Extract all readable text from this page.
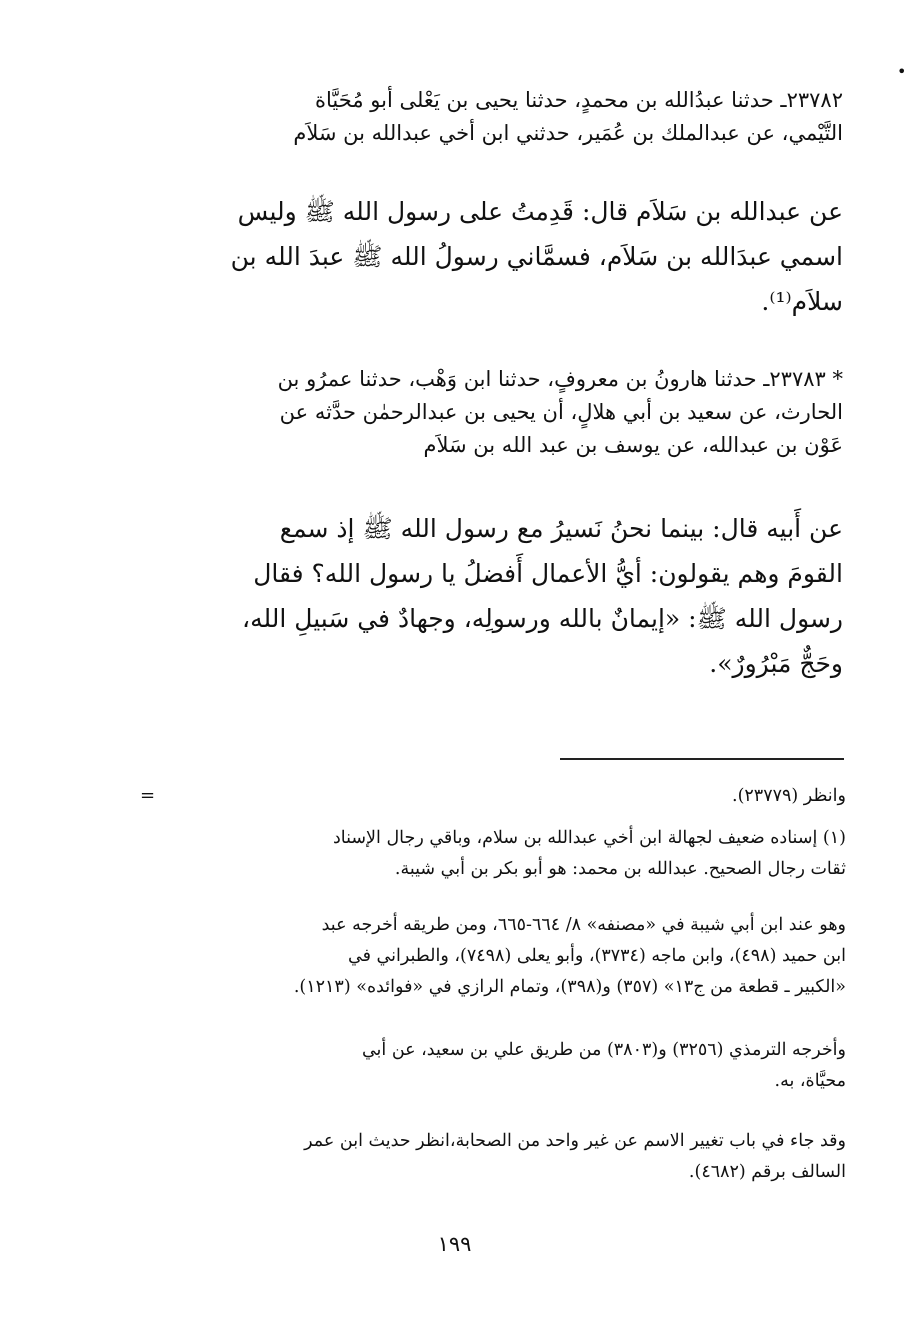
•
٢٣٧٨٢ـ حدثنا عبدُالله بن محمدٍ، حدثنا يحيى بن يَعْلى أبو مُحَيَّاة
التَّيْمي، عن عبدالملك بن عُمَير، حدثني ابن أخي عبدالله بن سَلاَم
عن عبدالله بن سَلاَم قال: قَدِمتُ على رسول الله ﷺ وليس
اسمي عبدَالله بن سَلاَم، فسمَّاني رسولُ الله ﷺ عبدَ الله بن
سلاَم⁽¹⁾.
* ٢٣٧٨٣ـ حدثنا هارونُ بن معروفٍ، حدثنا ابن وَهْب، حدثنا عمرُو بن
الحارث، عن سعيد بن أبي هلالٍ، أن يحيى بن عبدالرحمٰن حدَّثه عن
عَوْن بن عبدالله، عن يوسف بن عبد الله بن سَلاَم
عن أَبيه قال: بينما نحنُ نَسيرُ مع رسول الله ﷺ إذ سمع
القومَ وهم يقولون: أيُّ الأعمال أَفضلُ يا رسول الله؟ فقال
رسول الله ﷺ: «إيمانٌ بالله ورسولِه، وجهادٌ في سَبيلِ الله،
وحَجٌّ مَبْرُورٌ».
وانظر (٢٣٧٧٩).
=
(١) إسناده ضعيف لجهالة ابن أخي عبدالله بن سلام، وباقي رجال الإسناد
ثقات رجال الصحيح. عبدالله بن محمد: هو أبو بكر بن أبي شيبة.
وهو عند ابن أبي شيبة في «مصنفه» ٨/ ٦٦٤-٦٦٥، ومن طريقه أخرجه عبد
ابن حميد (٤٩٨)، وابن ماجه (٣٧٣٤)، وأبو يعلى (٧٤٩٨)، والطبراني في
«الكبير ـ قطعة من ج١٣» (٣٥٧) و(٣٩٨)، وتمام الرازي في «فوائده» (١٢١٣).
وأخرجه الترمذي (٣٢٥٦) و(٣٨٠٣) من طريق علي بن سعيد، عن أبي
محيَّاة، به.
وقد جاء في باب تغيير الاسم عن غير واحد من الصحابة،انظر حديث ابن عمر
السالف برقم (٤٦٨٢).
١٩٩
